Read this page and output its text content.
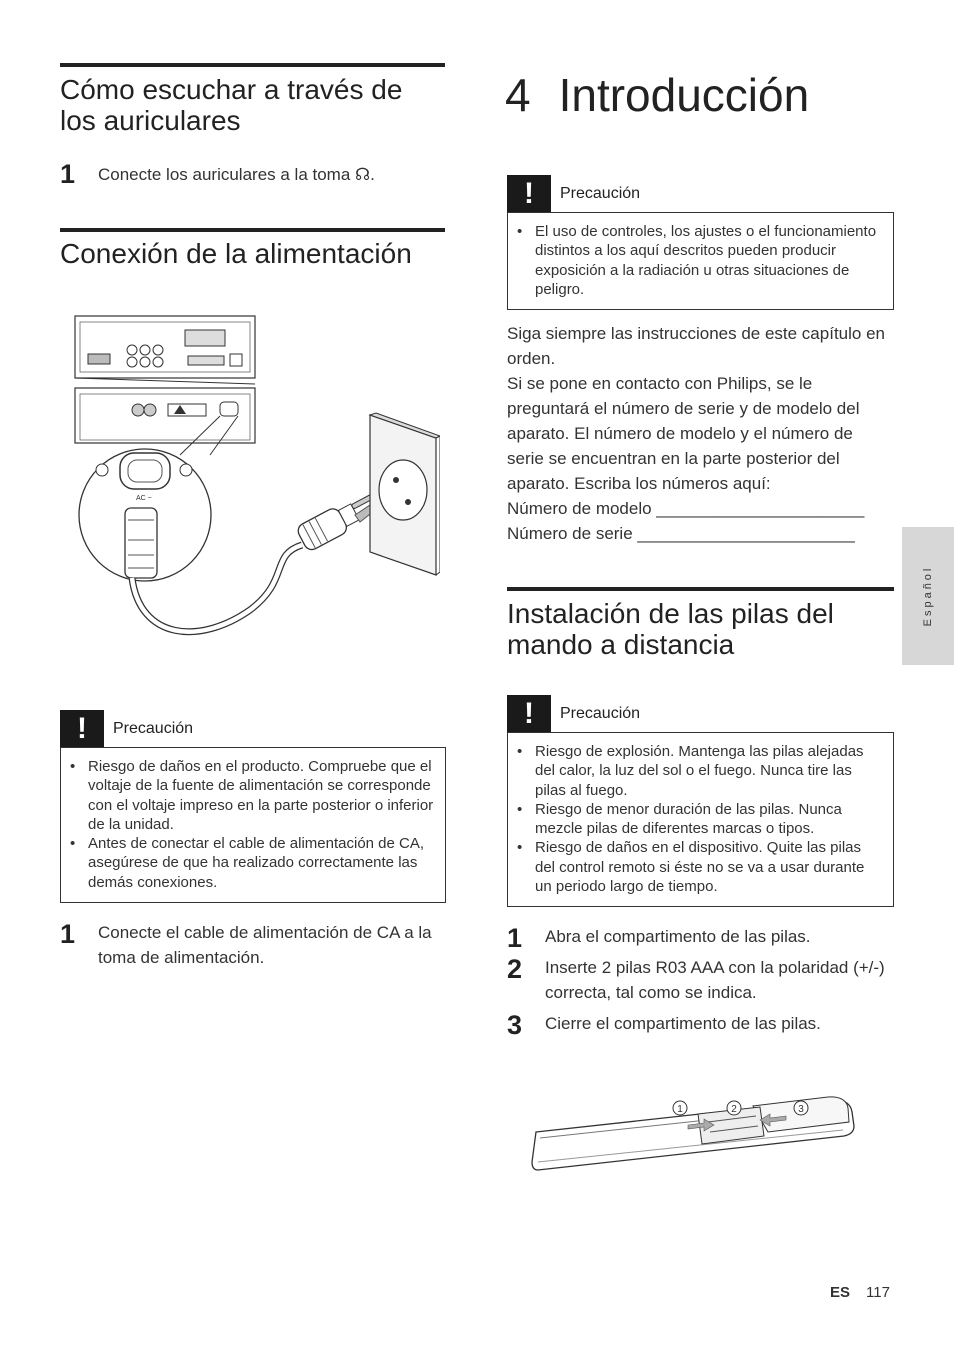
Cómo escuchar a través de los auriculares
1	Conecte los auriculares a la toma ☊.
Conexión de la alimentación
AC ~
!	Precaución
• Riesgo de daños en el producto. Compruebe que el voltaje de la fuente de alimentación se corresponde con el voltaje impreso en la parte posterior o inferior de la unidad.
• Antes de conectar el cable de alimentación de CA, asegúrese de que ha realizado correctamente las demás conexiones.
1	Conecte el cable de alimentación de CA a la toma de alimentación.
4 Introducción
!	Precaución
• El uso de controles, los ajustes o el funcionamiento distintos a los aquí descritos pueden producir exposición a la radiación u otras situaciones de peligro.

Siga siempre las instrucciones de este capítulo en orden.

Si se pone en contacto con Philips, se le preguntará el número de serie y de modelo del aparato. El número de modelo y el número de serie se encuentran en la parte posterior del aparato. Escriba los números aquí:

Número de modelo ______________________

Número de serie _______________________

Instalación de las pilas del mando a distancia
!	Precaución
• Riesgo de explosión. Mantenga las pilas alejadas del calor, la luz del sol o el fuego. Nunca tire las pilas al fuego.
• Riesgo de menor duración de las pilas. Nunca mezcle pilas de diferentes marcas o tipos.
• Riesgo de daños en el dispositivo. Quite las pilas del control remoto si éste no se va a usar durante un periodo largo de tiempo.
1	Abra el compartimento de las pilas.
2	Inserte 2 pilas R03 AAA con la polaridad (+/-) correcta, tal como se indica.
3	Cierre el compartimento de las pilas.
1	2	3
Español
ES 117
